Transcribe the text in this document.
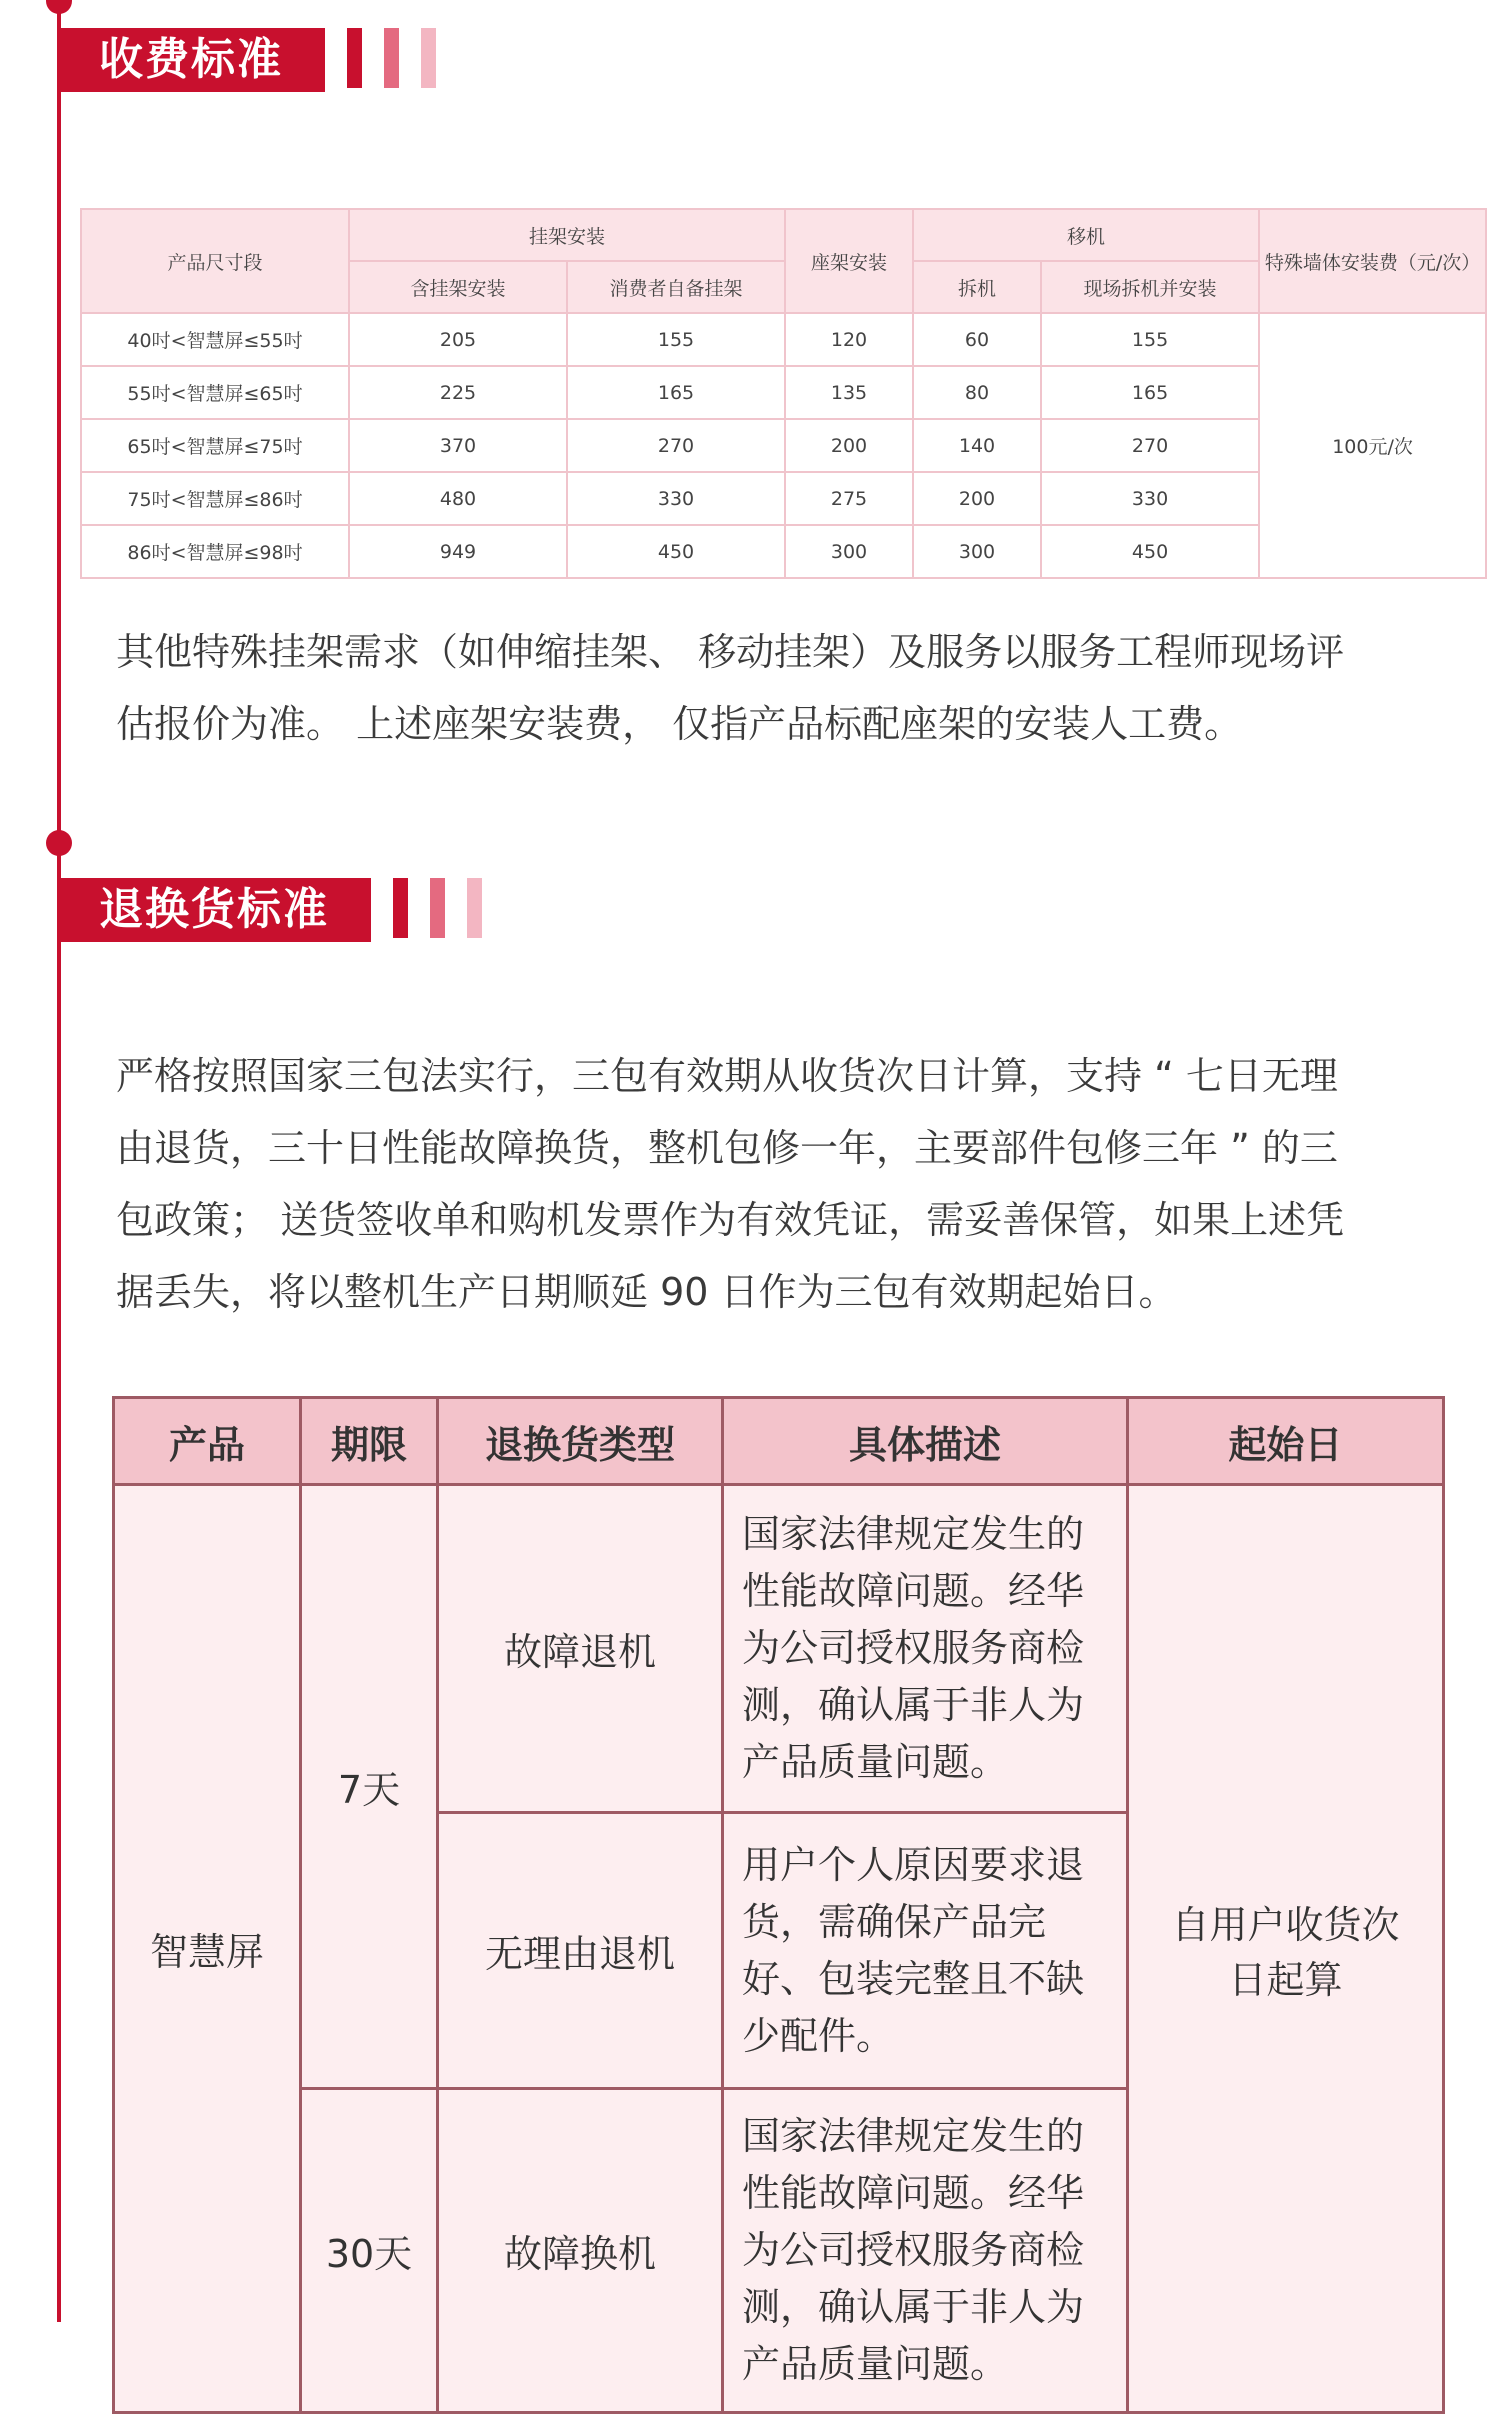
收费标准
产品尺寸段	挂架安装		座架安装	移机		特殊墙体安装费（元/次）
	含挂架安装	消费者自备挂架		拆机	现场拆机并安装	
40吋<智慧屏≤55吋	205	155	120	60	155	100元/次
55吋<智慧屏≤65吋	225	165	135	80	165	
65吋<智慧屏≤75吋	370	270	200	140	270	
75吋<智慧屏≤86吋	480	330	275	200	330	
86吋<智慧屏≤98吋	949	450	300	300	450	

其他特殊挂架需求（如伸缩挂架、 移动挂架）及服务以服务工程师现场评
估报价为准。 上述座架安装费， 仅指产品标配座架的安装人工费。

退换货标准

严格按照国家三包法实行，三包有效期从收货次日计算，支持 “ 七日无理
由退货，三十日性能故障换货，整机包修一年，主要部件包修三年 ” 的三
包政策； 送货签收单和购机发票作为有效凭证，需妥善保管，如果上述凭
据丢失，将以整机生产日期顺延 90 日作为三包有效期起始日。

产品	期限	退换货类型	具体描述	起始日
智慧屏	7天	故障退机	国家法律规定发生的性能故障问题。经华为公司授权服务商检测，确认属于非人为产品质量问题。	自用户收货次日起算
		无理由退机	用户个人原因要求退货，需确保产品完好、包装完整且不缺少配件。	
	30天	故障换机	国家法律规定发生的性能故障问题。经华为公司授权服务商检测，确认属于非人为产品质量问题。	
